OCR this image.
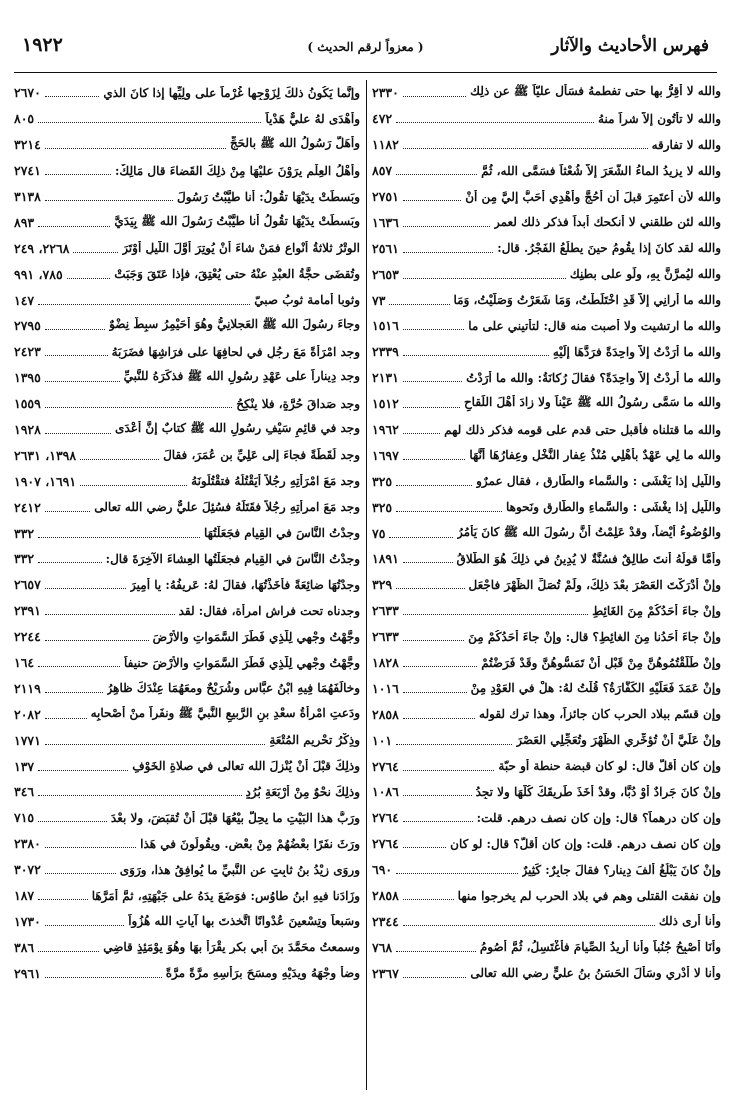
فهرس الأحاديث والآثار
( معزواً لرقم الحديث )
١٩٢٢
والله لا أقِرُّ بها حتى تفطمهُ فسَأل عليّاً ﷺ عن ذلِك
٢٣٣٠
والله لا تأتُون إلاَّ شراً منهُ
٤٧٢
والله لا تفارقه
١١٨٢
والله لا يزيدُ الماءُ الشَّعَرَ إلاَّ شُعْثاً فسَمَّى الله، ثُمَّ
٨٥٧
والله لأن أعتَمِرَ قبلَ أن أحُجَّ وأُهْدِي أحَبُّ إليَّ مِن أنْ
٢٧٥١
والله لئن طلقني لا أنكحك أبداً فذكر ذلك لعمر
١٦٣٦
والله لقد كانَ إذا يقُومُ حينَ يطلُعُ الفَجْرُ. قال:
٢٥٦١
والله ليُمرَّنَّ بِهِ، ولَو على بطنِك
٢٦٥٣
والله ما أُرانِي إلاَّ قَدِ اخْتَلَطْتُ، وَمَا شَعَرْتُ وَصَلَّيْتُ، وَمَا
٧٣
والله ما ارتشيت ولا أصبت منه قال: لتأتيني على ما
١٥١٦
والله ما أرَدْتُ إلاَّ واحِدَةً فرَدَّهَا إِلَيْهِ
٢٣٣٩
والله ما أردْتُ إلاَّ واحِدَةً؟ فقالَ رُكانَةُ: والله ما أرَدْتُ
٢١٣١
والله ما سَمَّى رسُولُ الله ﷺ عَيْناً ولا زادَ أهْلَ اللِّقاحِ
١٥١٢
والله ما قتلناه فأقبل حتى قدم على قومه فذكر ذلك لهم
١٩٦٢
والله ما لِي عَهْدٌ بأهْلِي مُنْذُ عِفارِ النَّخْلِ وعِفارُهَا أنَّهَا
١٦٩٧
واللَّيلِ إذا يَغْشَى : والسَّماء والطَّارق ، فقال عمرٌو
٣٢٥
واللَّيلِ إذا يغْشَى : والسَّماءِ والطَّارِقِ ونَحوها
٣٢٥
والوُضُوءُ أيْضاً، وقدْ عَلِمْتُ أنَّ رسُولَ الله ﷺ كانَ يَأمُرُ
٧٥
وأمَّا قولُهُ أنتَ طالِقٌ فسُنَّةٌ لا يُدِينُ في ذلِكَ هُوَ الطَّلاقُ
١٨٩١
وإنْ أدْرَكْتَ العَصْرَ بعْدَ ذلِكَ، ولَمْ تُصَلِّ الظُّهْرَ فاجْعَل
٣٢٩
وإنْ جاءَ أحَدُكُمْ مِنَ الغَائِطِ
٢٦٣٣
وإنْ جاءَ أحَدُنا مِنَ الغائِطِ؟ قال: وإنْ جاءَ أحَدُكُمْ مِنَ
٢٦٣٣
وإنْ طَلَّقْتُمُوهُنَّ مِنْ قَبْلِ أنْ تَمَسُّوهُنَّ وقَدْ فَرَضْتُمْ
١٨٢٨
وإنْ عَمَدَ فَعَلَيْهِ الكَفَّارَةُ؟ قُلْتُ لهُ: هلْ في العَوْدِ مِنْ
١٠١٦
وإن قسّم ببلاد الحرب كان جائزاً، وهذا ترك لقوله
٢٨٥٨
وإنْ عَلَيَّ أنْ تُؤخِّرِي الظُّهْرَ وتُعَجِّلِي العَصْرَ
١٠١
وإن كان أقلَّ قال: لو كان قبضة حنطة أو حبّة
٢٧٦٤
وإنْ كانَ جَرادٌ أوْ دُبًّا، وقدْ أخَذَ طَرِيقَكَ كُلَّهَا ولا تجِدُ
١٠٨٦
وإن كان درهماً؟ قال: وإن كان نصف درهم. قلت:
٢٧٦٤
وإن كان نصف درهم. قلت: وإن كان أقلّ؟ قال: لو كان
٢٧٦٤
وإنْ كانَ يَبْلُغُ ألفَ دِينارٍ؟ فقالَ جابِرٌ: كَثِيرٌ
٦٩٠
وإن نفقت القتلى وهم في بلاد الحرب لم يخرجوا منها
٢٨٥٨
وأنا أرى ذلك
٢٣٤٤
وأنَا أُصْبِحُ جُنُباً وأنا أُريدُ الصِّيامَ فأغْتَسِلُ، ثُمَّ أصُومُ
٧٦٨
وأنا لا أدْرِي وسَألَ الحَسَنُ بنُ عليٍّ رضي الله تعالى
٢٣٦٧
وإنَّما يَكُونُ ذلكَ لِزَوْجِها غُرْماً على ولِيِّها إذا كانَ الذي
٢٦٧٠
وأهْدَى لهُ عليٌّ هَدْياً
٨٠٥
وأهَلَّ رَسُولُ الله ﷺ بالحَجِّ
٣٢١٤
وأهْلُ العِلْمِ يرَوْنَ عليْهَا مِنْ ذلِكَ القَضاءَ قال مَالِكٌ:
٢٧٤١
وبَسطَتْ يدَيْهَا تقُولُ: أنا طيَّبْتُ رَسُولَ
٣١٣٨
وبَسطَتْ يدَيْهَا تقُولُ أنا طيَّبْتُ رَسُولَ الله ﷺ بِيَدَيَّ
٨٩٣
الوِتْرُ ثلاثةُ أنْواعٍ فمَنْ شاءَ أنْ يُوتِرَ أوَّلَ اللَّيلِ أوْتَرَ
٢٢٦٨، ٢٤٩
وتُقضَى حجَّةُ العبْدِ عنْهُ حتى يُعْتِقَ، فإذا عَتَقَ وَجَبَتْ
٧٨٥، ٩٩١
وثوبا أمامة ثوبُ صبيّ
١٤٧
وجاءَ رسُولَ الله ﷺ العَجلانِيُّ وهُوَ أحَيْمِرُ سبِطٌ نِضْوٌ
٢٧٩٥
وجد امْرَأةً مَعَ رجُلٍ في لحافِهَا على فرَاشِهَا فضَرَبَهُ
٢٤٢٣
وجد دِيناراً على عَهْدِ رسُولِ الله ﷺ فذكَرَهُ للنَّبيِّ
١٣٩٥
وجد صَداقَ حُرَّةٍ، فلا ينْكِحُ
١٥٥٩
وجد في قائِمِ سَيْفِ رسُولِ الله ﷺ كتابٌ إنَّ أعْدَى
١٩٢٨
وجد لُقَطَةً فجاءَ إلى عَلِيِّ بنِ عُمَرَ، فقالَ
١٣٩٨، ٢٦٣١
وجد مَعَ امْرَأتِهِ رجُلاً أيَقْتُلُهُ فتقْتُلُونَهُ
١٦٩١، ١٩٠٧
وجد مَعَ امرأتِهِ رجُلاً فقَتَلَهُ فسُئِلَ عليٌّ رضي الله تعالى
٢٤١٢
وجدْتُ النَّاسَ في القِيامِ فجَعَلْتُهَا
٣٣٢
وجدْتُ النَّاسَ في القِيامِ فجعَلْتُها العِشاءَ الآخِرَةَ قال:
٣٣٢
وجدْتُهَا ضائِعَةً فأخَذْتُهَا، فقالَ لهُ: عَرِيفُهُ: يا أمِيرَ
٢٦٥٧
وجدناه تحت فراش امرأة، فقال: لقد
٢٣٩١
وجَّهْتُ وجْهِي لِلَّذِي فَطَرَ السَّمَواتِ والأرْضَ
٢٢٤٤
وجَّهْتُ وجْهِي لِلَّذِي فَطَرَ السَّمَواتِ والأرْضَ حنيفاً
١٦٤
وخالَفَهُمَا فِيهِ ابْنُ عبَّاسٍ وشُرَيْحٌ ومعَهُمَا عِنْدَكَ ظاهِرُ
٢١١٩
ودَعتِ امْرأةُ سعْدِ بنِ الرَّبيعِ النَّبيَّ ﷺ ونفَراً منْ أصْحابِه
٢٠٨٢
وذِكْرُ تحْريمِ المُتْعَةِ
١٧٧١
وذلِكَ قبْلَ أنْ يُنْزِلَ الله تعالى في صلاةِ الخَوْفِ
١٣٧
وذلِكَ نحْوٌ مِنْ أرْبَعَةِ بُرُدٍ
٣٤٦
ورَبُّ هذا البَيْتِ ما يحِلُّ بيْعُهَا قبْلَ أنْ تُقبَضَ، ولا بعْدَ
٧١٥
ورَثَ نفَرًا بعْضُهُمْ مِنْ بعْضٍ. ويقُولُونَ في هَذا
٢٣٨٠
وروَى زيْدُ بنُ ثابِتٍ عنِ النَّبيِّ ما يُوافِقُ هذا، ورَوَى
٣٠٧٢
وزَادَنا فيهِ ابنُ طاوُسٍ: فوَضَعَ يدَهُ على جَبْهَتِهِ، ثمَّ أمَرَّهَا
١٨٧
وسَبعاً وتِسْعينَ عُدْوانًا اتَّخذتَ بها آياتِ الله هُزُواً
١٧٣٠
وسمعتُ محَمَّدَ بنَ أبي بكرٍ يقْرَأُ بهَا وهُوَ يوْمَئِذٍ قاضِي
٣٨٦
وضأ وجْهَهُ ويدَيْهِ ومسَحَ برَأسِهِ مرَّةً مرَّةً
٢٩٦١
